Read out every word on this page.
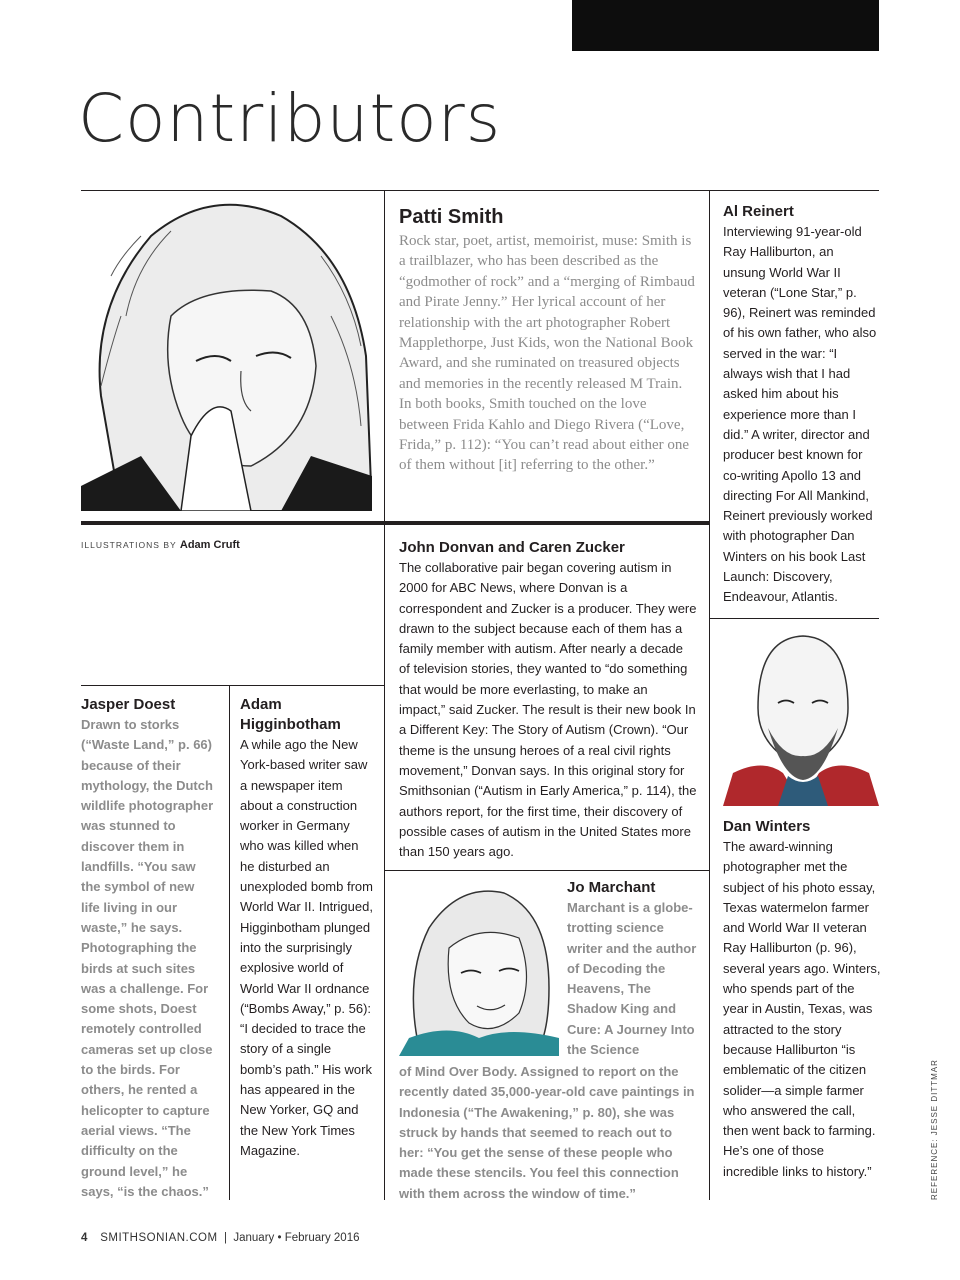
Contributors
ILLUSTRATIONS BY Adam Cruft
Patti Smith

Rock star, poet, artist, memoirist, muse: Smith is a trailblazer, who has been described as the “godmother of rock” and a “merging of Rimbaud and Pirate Jenny.” Her lyrical account of her relationship with the art photographer Robert Mapplethorpe, Just Kids, won the National Book Award, and she ruminated on treasured objects and memories in the recently released M Train. In both books, Smith touched on the love between Frida Kahlo and Diego Rivera (“Love, Frida,” p. 112): “You can’t read about either one of them without [it] referring to the other.”

Al Reinert

Interviewing 91-year-old Ray Halliburton, an unsung World War II veteran (“Lone Star,” p. 96), Reinert was reminded of his own father, who also served in the war: “I always wish that I had asked him about his experience more than I did.” A writer, director and producer best known for co-writing Apollo 13 and directing For All Mankind, Reinert previously worked with photographer Dan Winters on his book Last Launch: Discovery, Endeavour, Atlantis.

John Donvan and Caren Zucker

The collaborative pair began covering autism in 2000 for ABC News, where Donvan is a correspondent and Zucker is a producer. They were drawn to the subject because each of them has a family member with autism. After nearly a decade of television stories, they wanted to “do something that would be more everlasting, to make an impact,” said Zucker. The result is their new book In a Different Key: The Story of Autism (Crown). “Our theme is the unsung heroes of a real civil rights movement,” Donvan says. In this original story for Smithsonian (“Autism in Early America,” p. 114), the authors report, for the first time, their discovery of possible cases of autism in the United States more than 150 years ago.

Jasper Doest

Drawn to storks (“Waste Land,” p. 66) because of their mythology, the Dutch wildlife photographer was stunned to discover them in landfills. “You saw the symbol of new life living in our waste,” he says. Photographing the birds at such sites was a challenge. For some shots, Doest remotely controlled cameras set up close to the birds. For others, he rented a helicopter to capture aerial views. “The difficulty on the ground level,” he says, “is the chaos.”

Adam Higginbotham

A while ago the New York-based writer saw a newspaper item about a construction worker in Germany who was killed when he disturbed an unexploded bomb from World War II. Intrigued, Higginbotham plunged into the surprisingly explosive world of World War II ordnance (“Bombs Away,” p. 56): “I decided to trace the story of a single bomb’s path.” His work has appeared in the New Yorker, GQ and the New York Times Magazine.

Jo Marchant

Marchant is a globe-trotting science writer and the author of Decoding the Heavens, The Shadow King and Cure: A Journey Into the Science

of Mind Over Body. Assigned to report on the recently dated 35,000-year-old cave paintings in Indonesia (“The Awakening,” p. 80), she was struck by hands that seemed to reach out to her: “You get the sense of these people who made these stencils. You feel this connection with them across the window of time.”

Dan Winters

The award-winning photographer met the subject of his photo essay, Texas watermelon farmer and World War II veteran Ray Halliburton (p. 96), several years ago. Winters, who spends part of the year in Austin, Texas, was attracted to the story because Halliburton “is emblematic of the citizen solider—a simple farmer who answered the call, then went back to farming. He’s one of those incredible links to history.”	REFERENCE: JESSE DITTMAR
4 SMITHSONIAN.COM | January • February 2016
